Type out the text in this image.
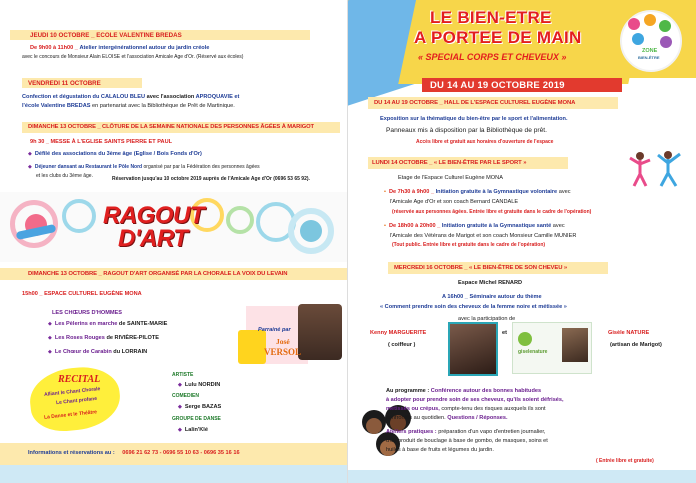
JEUDI 10 OCTOBRE _ ECOLE VALENTINE BREDAS
De 9h00 à 11h00 _ Atelier intergénérationnel autour du jardin créole
avec le concours de Monsieur Alain ELOISE et l'association Amicale Age d'Or. (Réservé aux écoles)
VENDREDI 11 OCTOBRE
Confection et dégustation du CALALOU BLEU avec l'association APROQUAVIE et
l'école Valentine BREDAS en partenariat avec la Bibliothèque de Prêt de Martinique.
DIMANCHE 13 OCTOBRE _ CLÔTURE DE LA SEMAINE NATIONALE DES PERSONNES ÂGÉES À MARIGOT
9h 30 _ MESSE À L'EGLISE SAINTS PIERRE ET PAUL
◆ Défilé des associations du 3ème âge (Eglise / Bois Fonds d'Or)
◆ Déjeuner dansant au Restaurant le Pôle Nord organisé par par la Fédération des personnes âgées
et les clubs du 3ème âge.	Réservation jusqu'au 10 octobre 2019 auprès de l'Amicale Age d'Or (0696 53 65 92).
RAGOUT
D'ART
DIMANCHE 13 OCTOBRE _ RAGOUT D'ART ORGANISÉ PAR LA CHORALE LA VOIX DU LEVAIN
15h00 _ ESPACE CULTUREL EUGÈNE MONA
LES CHŒURS D'HOMMES
◆ Les Pèlerins en marche de SAINTE-MARIE
◆ Les Roses Rouges de RIVIÈRE-PILOTE
◆ Le Chœur de Carabin du LORRAIN
Parrainé par
José
VERSOL
RECITAL
Alliant le Chant Chorale
Le Chant profane
La Danse et le Théâtre
ARTISTE
◆ Lulu NORDIN
COMEDIEN
◆ Serge BAZAS
GROUPE DE DANSE
◆ Lalin'Klé
Informations et réservations au : 0696 21 62 73 - 0696 55 10 63 - 0696 35 16 16
LE BIEN-ETRE
A PORTEE DE MAIN
« SPECIAL CORPS ET CHEVEUX »
ZONE
BIEN-ÊTRE
DU 14 AU 19 OCTOBRE 2019
DU 14 AU 19 OCTOBRE _ HALL DE L'ESPACE CULTUREL EUGÈNE MONA
Exposition sur la thématique du bien-être par le sport et l'alimentation.
Panneaux mis à disposition par la Bibliothèque de prêt.
Accès libre et gratuit aux horaires d'ouverture de l'espace
LUNDI 14 OCTOBRE _ « LE BIEN-ÊTRE PAR LE SPORT »
Etage de l'Espace Culturel Eugène MONA
• De 7h30 à 9h00 _ Initiation gratuite à la Gymnastique volontaire avec
l'Amicale Age d'Or et son coach Bernard CANDALE
(réservée aux personnes âgées. Entrée libre et gratuite dans le cadre de l'opération)
• De 18h00 à 20h00 _ Initiation gratuite à la Gymnastique santé avec
l'Amicale des Vétérans de Marigot et son coach Monsieur Camille MUNIER
(Tout public. Entrée libre et gratuite dans le cadre de l'opération)
MERCREDI 16 OCTOBRE _ « LE BIEN-ÊTRE DE SON CHEVEU »
Espace Michel RENARD
A 16h00 _ Séminaire autour du thème
« Comment prendre soin des cheveux de la femme noire et métissée »
avec la participation de
Kenny MARGUERITE
( coiffeur )
et
giselenature
Gisèle NATURE
(artisan de Marigot)
Au programme : Conférence autour des bonnes habitudes
à adopter pour prendre soin de ses cheveux, qu'ils soient défrisés,
métissés ou crépus, compte-tenu des risques auxquels ils sont
confrontés au quotidien. Questions / Réponses.
Ateliers pratiques : préparation d'un vapo d'entretien journalier,
d'un produit de bouclage à base de gombo, de masques, soins et
huiles à base de fruits et légumes du jardin.
( Entrée libre et gratuite)
